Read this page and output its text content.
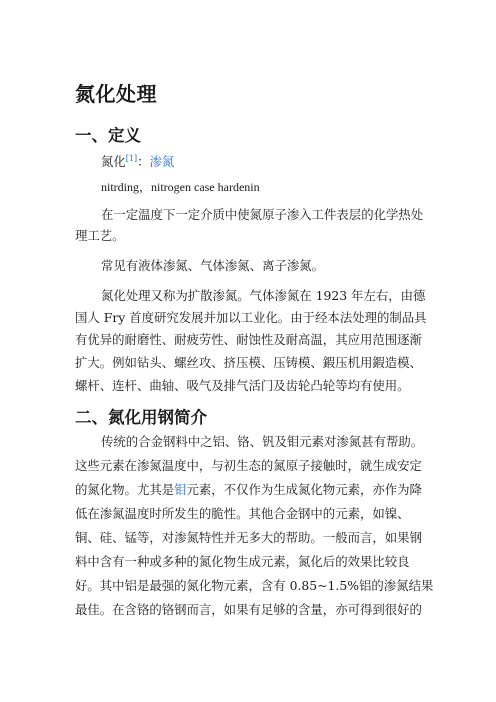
氮化处理
一、定义
氮化[1]：渗氮
nitrding，nitrogen case hardenin
在一定温度下一定介质中使氮原子渗入工件表层的化学热处
理工艺。
常见有液体渗氮、气体渗氮、离子渗氮。
氮化处理又称为扩散渗氮。气体渗氮在 1923 年左右，由德
国人 Fry 首度研究发展并加以工业化。由于经本法处理的制品具
有优异的耐磨性、耐疲劳性、耐蚀性及耐高温，其应用范围逐渐
扩大。例如钻头、螺丝攻、挤压模、压铸模、鍜压机用鍜造模、
螺杆、连杆、曲轴、吸气及排气活门及齿轮凸轮等均有使用。
二、氮化用钢简介
传统的合金钢料中之铝、铬、钒及钼元素对渗氮甚有帮助。
这些元素在渗氮温度中，与初生态的氮原子接触时，就生成安定
的氮化物。尤其是钼元素，不仅作为生成氮化物元素，亦作为降
低在渗氮温度时所发生的脆性。其他合金钢中的元素，如镍、
铜、硅、锰等，对渗氮特性并无多大的帮助。一般而言，如果钢
料中含有一种或多种的氮化物生成元素，氮化后的效果比较良
好。其中铝是最强的氮化物元素，含有 0.85~1.5%铝的渗氮结果
最佳。在含铬的铬钢而言，如果有足够的含量，亦可得到很好的
